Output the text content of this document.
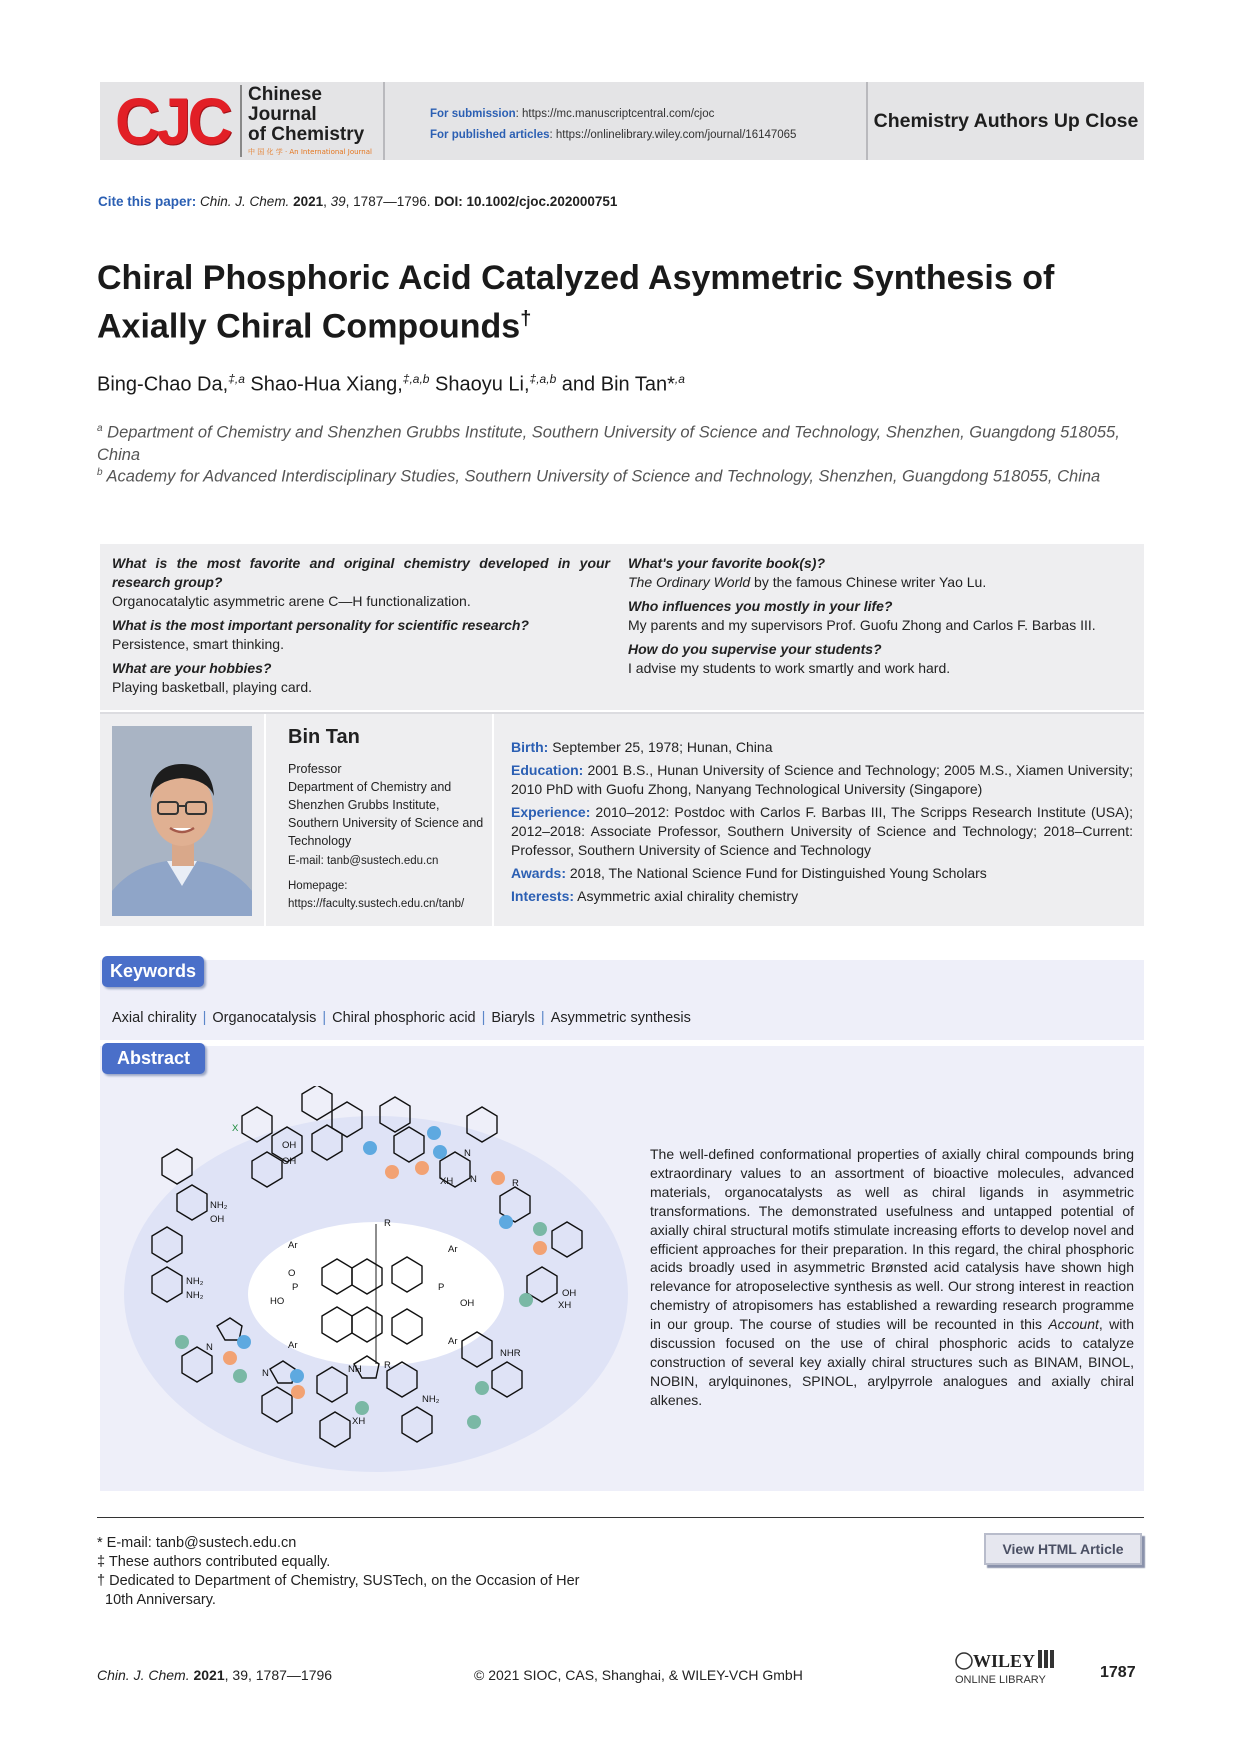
CJC Chinese Journal
of Chemistry
中 国 化 学 · An International Journal
For submission: https://mc.manuscriptcentral.com/cjoc
For published articles: https://onlinelibrary.wiley.com/journal/16147065
Chemistry Authors Up Close
Cite this paper: Chin. J. Chem. 2021, 39, 1787—1796. DOI: 10.1002/cjoc.202000751
Chiral Phosphoric Acid Catalyzed Asymmetric Synthesis of
Axially Chiral Compounds†
Bing-Chao Da,$^{\ddagger,a}$ Shao-Hua Xiang,$^{\ddagger,a,b}$ Shaoyu Li,$^{\ddagger,a,b}$ and Bin Tan*$^{,a}$
$^a$ Department of Chemistry and Shenzhen Grubbs Institute, Southern University of Science and Technology, Shenzhen, Guangdong 518055, China
$^b$ Academy for Advanced Interdisciplinary Studies, Southern University of Science and Technology, Shenzhen, Guangdong 518055, China
What is the most favorite and original chemistry developed in your research group?
Organocatalytic asymmetric arene C—H functionalization.
What is the most important personality for scientific research?
Persistence, smart thinking.
What are your hobbies?
Playing basketball, playing card.
What's your favorite book(s)?
The Ordinary World by the famous Chinese writer Yao Lu.
Who influences you mostly in your life?
My parents and my supervisors Prof. Guofu Zhong and Carlos F. Barbas III.
How do you supervise your students?
I advise my students to work smartly and work hard.
Bin Tan
Professor
Department of Chemistry and Shenzhen Grubbs Institute, Southern University of Science and Technology
E-mail: tanb@sustech.edu.cn
Homepage:
https://faculty.sustech.edu.cn/tanb/

Birth: September 25, 1978; Hunan, China

Education: 2001 B.S., Hunan University of Science and Technology; 2005 M.S., Xiamen University; 2010 PhD with Guofu Zhong, Nanyang Technological University (Singapore)

Experience: 2010–2012: Postdoc with Carlos F. Barbas III, The Scripps Research Institute (USA); 2012–2018: Associate Professor, Southern University of Science and Technology; 2018–Current: Professor, Southern University of Science and Technology

Awards: 2018, The National Science Fund for Distinguished Young Scholars

Interests: Asymmetric axial chirality chemistry

Keywords
Axial chirality | Organocatalysis | Chiral phosphoric acid | Biaryls | Asymmetric synthesis
Abstract
X
OH
OH
XH
NH₂
OH
NH₂
NH₂
Ar
Ar
Ar
Ar
R
R
R
HO	OH
P	P
O
N
N
N
N	NH
XH
XH
OH
NHR
NH₂
The well-defined conformational properties of axially chiral compounds bring extraordinary values to an assortment of bioactive molecules, advanced materials, organocatalysts as well as chiral ligands in asymmetric transformations. The demonstrated usefulness and untapped potential of axially chiral structural motifs stimulate increasing efforts to develop novel and efficient approaches for their preparation. In this regard, the chiral phosphoric acids broadly used in asymmetric Brønsted acid catalysis have shown high relevance for atroposelective synthesis as well. Our strong interest in reaction chemistry of atropisomers has established a rewarding research programme in our group. The course of studies will be recounted in this Account, with discussion focused on the use of chiral phosphoric acids to catalyze construction of several key axially chiral structures such as BINAM, BINOL, NOBIN, arylquinones, SPINOL, arylpyrrole analogues and axially chiral alkenes.
* E-mail: tanb@sustech.edu.cn
‡ These authors contributed equally.
† Dedicated to Department of Chemistry, SUSTech, on the Occasion of Her
10th Anniversary.
View HTML Article
Chin. J. Chem. 2021, 39, 1787—1796	© 2021 SIOC, CAS, Shanghai, & WILEY-VCH GmbH
WILEY
ONLINE LIBRARY	1787
